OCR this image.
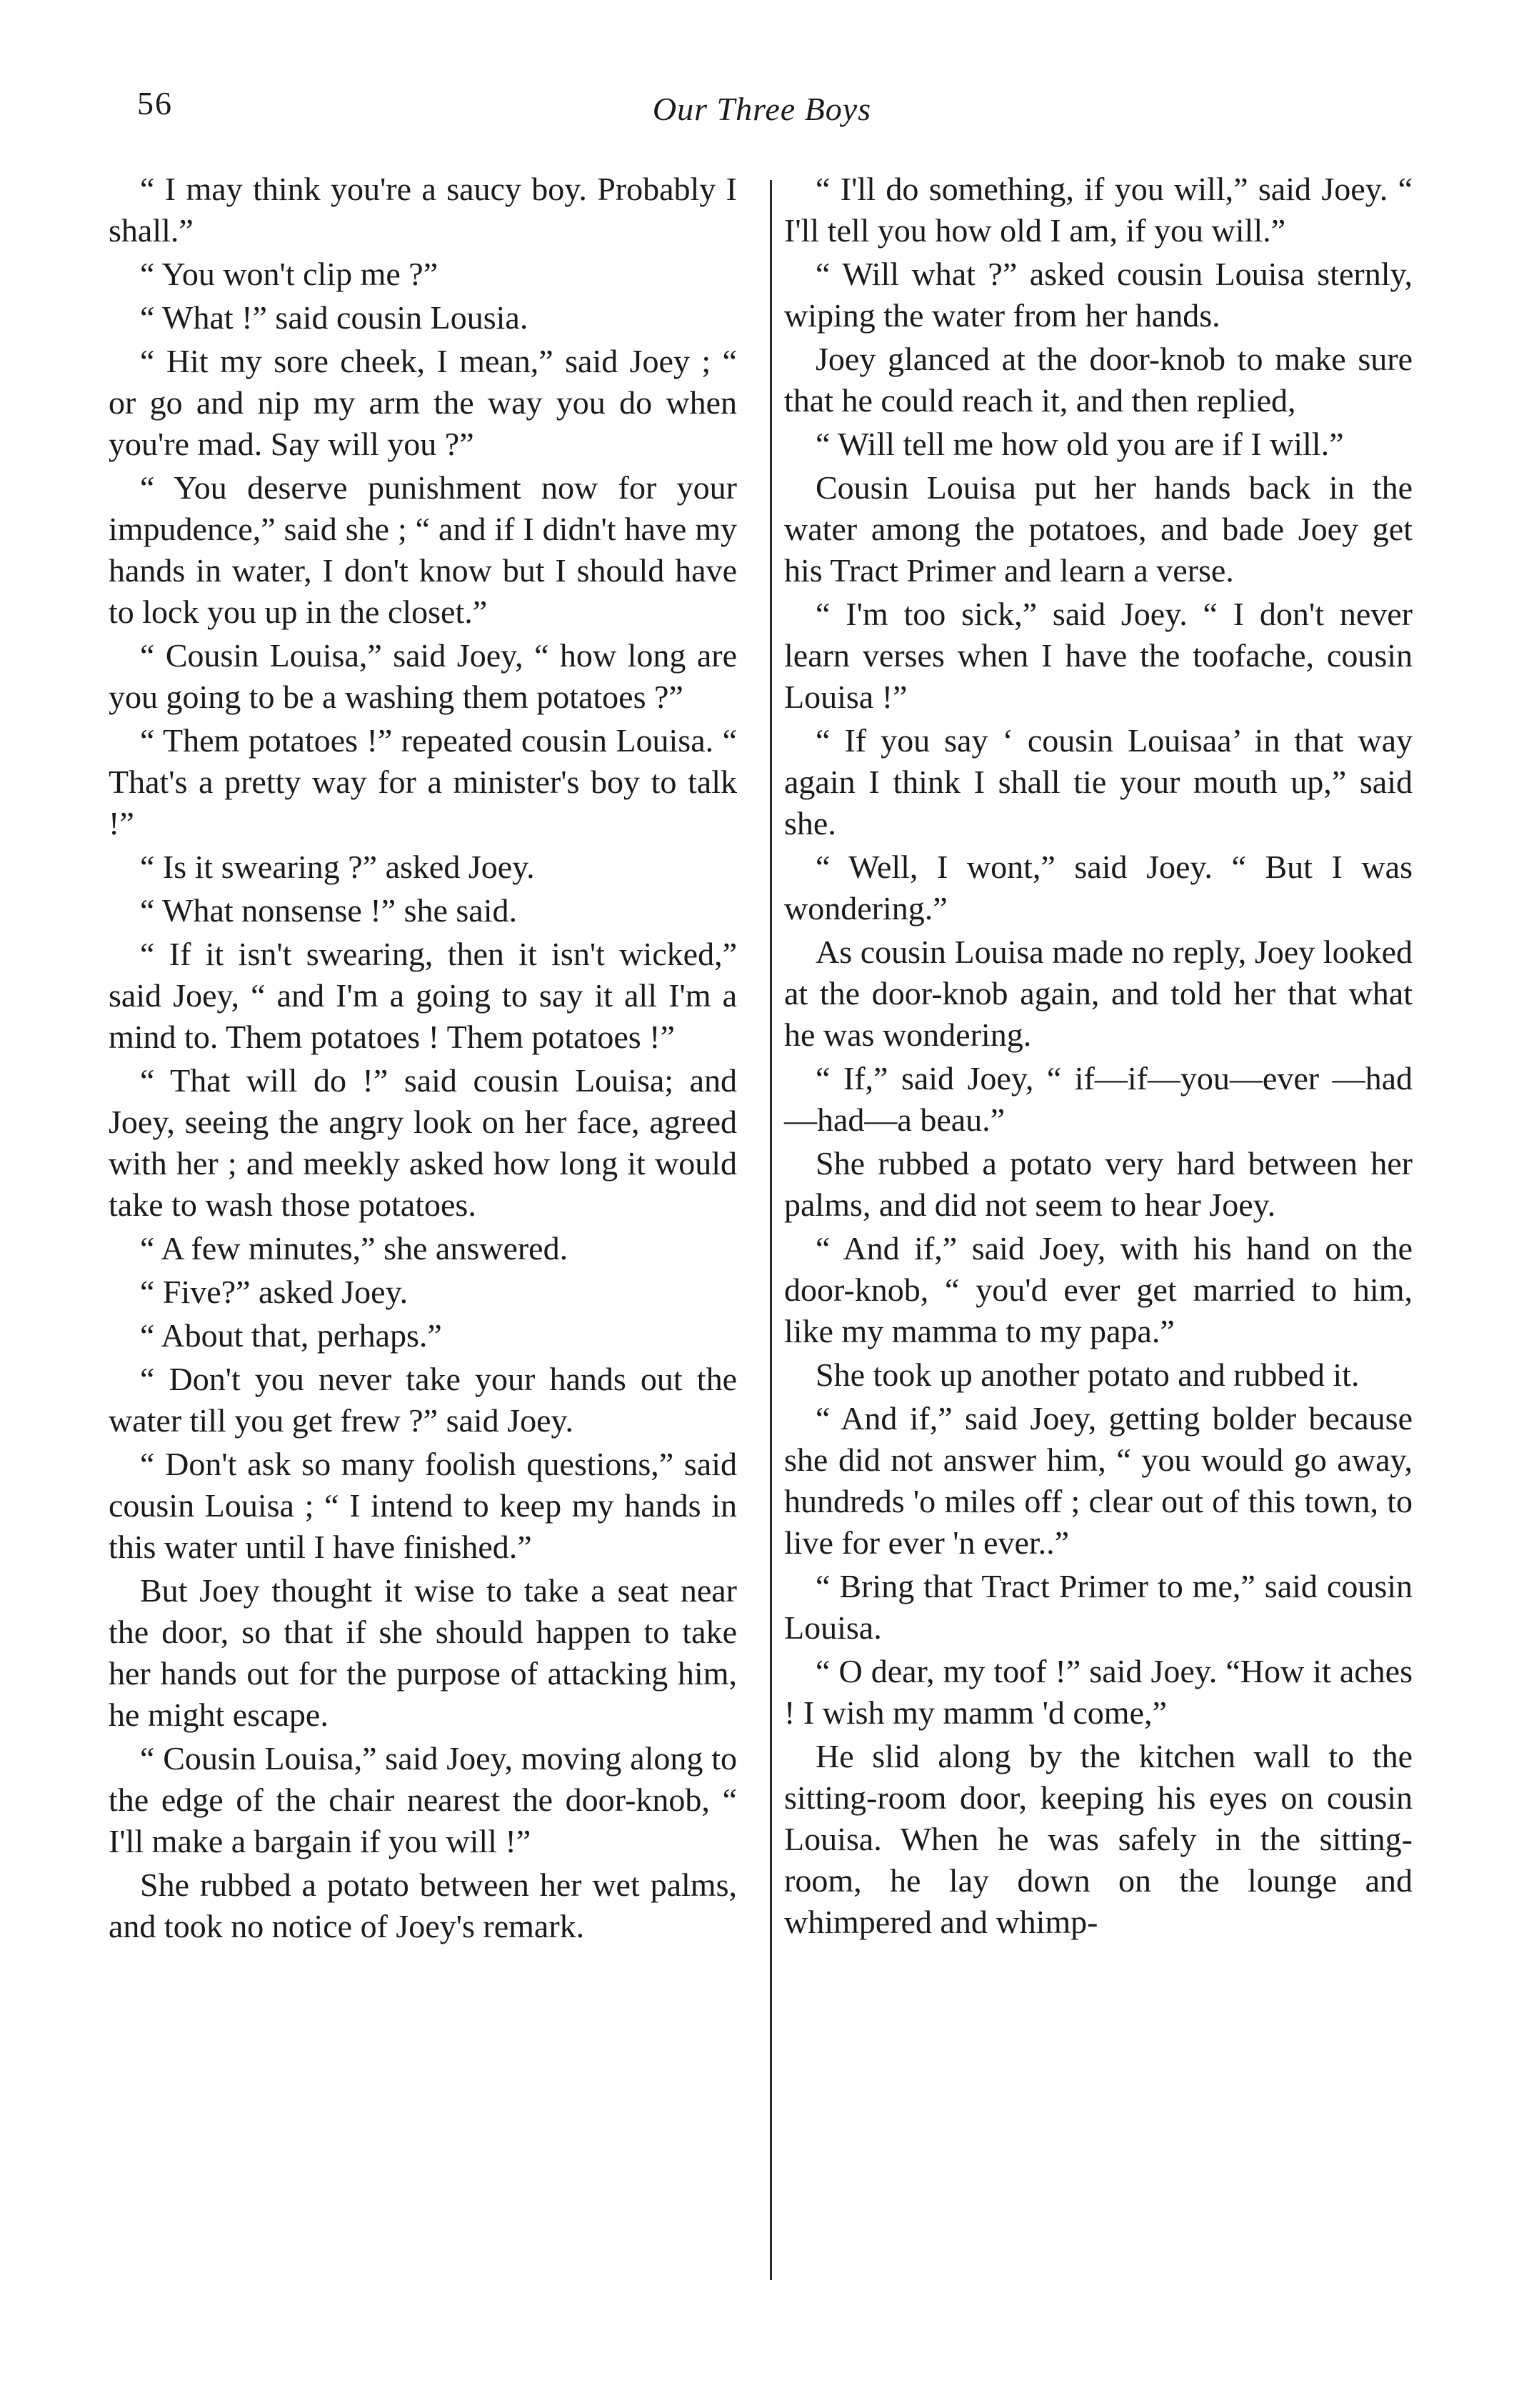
56	Our Three Boys

“ I may think you're a saucy boy. Probably I shall.”

“ You won't clip me ?”

“ What !” said cousin Lousia.

“ Hit my sore cheek, I mean,” said Joey ; “ or go and nip my arm the way you do when you're mad. Say will you ?”

“ You deserve punishment now for your impudence,” said she ; “ and if I didn't have my hands in water, I don't know but I should have to lock you up in the closet.”

“ Cousin Louisa,” said Joey, “ how long are you going to be a washing them potatoes ?”

“ Them potatoes !” repeated cousin Louisa. “ That's a pretty way for a minister's boy to talk !”

“ Is it swearing ?” asked Joey.

“ What nonsense !” she said.

“ If it isn't swearing, then it isn't wicked,” said Joey, “ and I'm a going to say it all I'm a mind to. Them potatoes ! Them potatoes !”

“ That will do !” said cousin Louisa; and Joey, seeing the angry look on her face, agreed with her ; and meekly asked how long it would take to wash those potatoes.

“ A few minutes,” she answered.

“ Five?” asked Joey.

“ About that, perhaps.”

“ Don't you never take your hands out the water till you get frew ?” said Joey.

“ Don't ask so many foolish questions,” said cousin Louisa ; “ I intend to keep my hands in this water until I have finished.”

But Joey thought it wise to take a seat near the door, so that if she should happen to take her hands out for the purpose of attacking him, he might escape.

“ Cousin Louisa,” said Joey, moving along to the edge of the chair nearest the door-knob, “ I'll make a bargain if you will !”

She rubbed a potato between her wet palms, and took no notice of Joey's remark.

“ I'll do something, if you will,” said Joey. “ I'll tell you how old I am, if you will.”

“ Will what ?” asked cousin Louisa sternly, wiping the water from her hands.

Joey glanced at the door-knob to make sure that he could reach it, and then replied,

“ Will tell me how old you are if I will.”

Cousin Louisa put her hands back in the water among the potatoes, and bade Joey get his Tract Primer and learn a verse.

“ I'm too sick,” said Joey. “ I don't never learn verses when I have the toofache, cousin Louisa !”

“ If you say ‘ cousin Louisaa’ in that way again I think I shall tie your mouth up,” said she.

“ Well, I wont,” said Joey. “ But I was wondering.”

As cousin Louisa made no reply, Joey looked at the door-knob again, and told her that what he was wondering.

“ If,” said Joey, “ if—if—you—ever —had—had—a beau.”

She rubbed a potato very hard between her palms, and did not seem to hear Joey.

“ And if,” said Joey, with his hand on the door-knob, “ you'd ever get married to him, like my mamma to my papa.”

She took up another potato and rubbed it.

“ And if,” said Joey, getting bolder because she did not answer him, “ you would go away, hundreds 'o miles off ; clear out of this town, to live for ever 'n ever..”

“ Bring that Tract Primer to me,” said cousin Louisa.

“ O dear, my toof !” said Joey. “How it aches ! I wish my mamm 'd come,”

He slid along by the kitchen wall to the sitting-room door, keeping his eyes on cousin Louisa. When he was safely in the sitting-room, he lay down on the lounge and whimpered and whimp-
